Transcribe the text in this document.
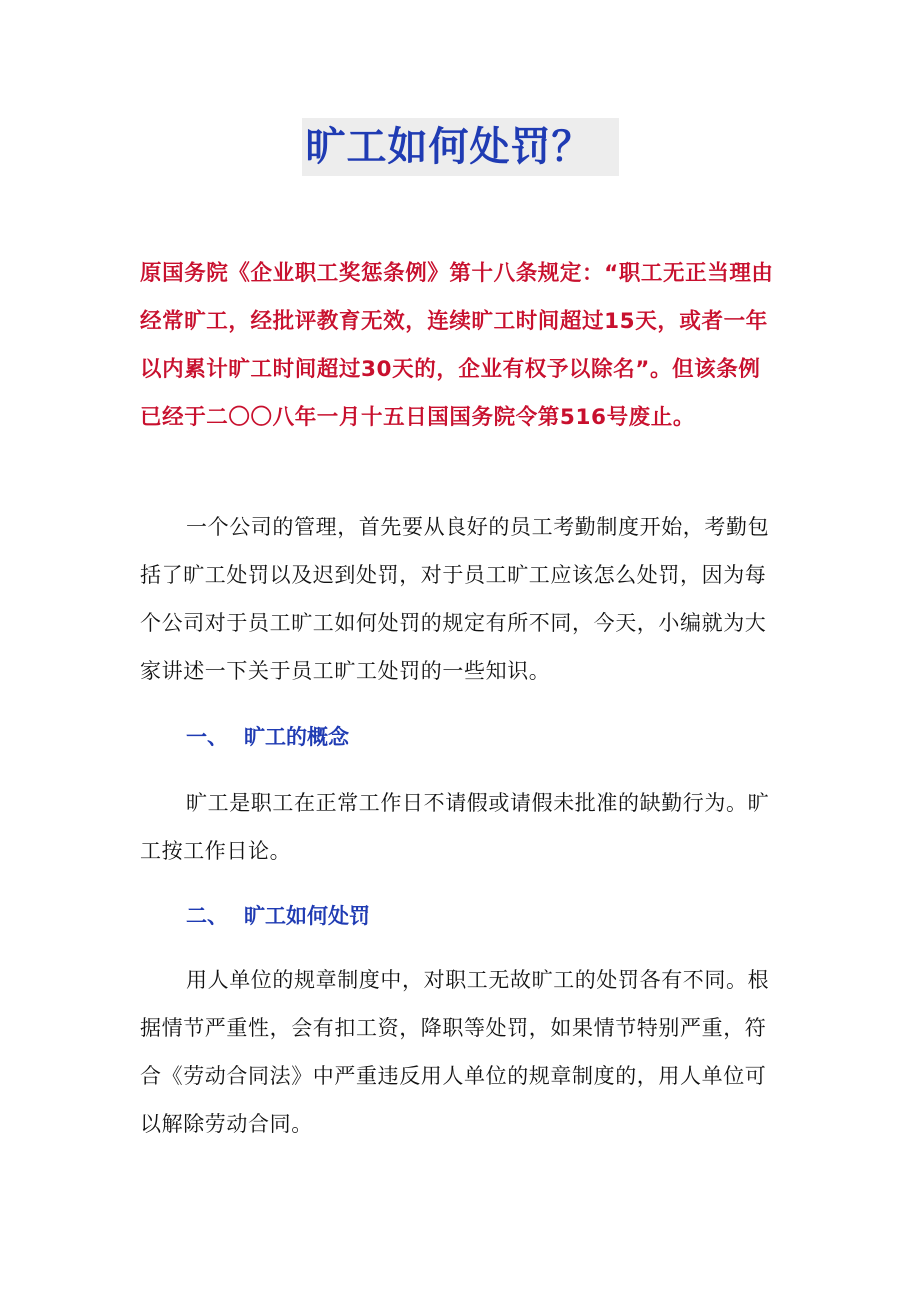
旷工如何处罚？

原国务院《企业职工奖惩条例》第十八条规定：“职工无正当理由经常旷工，经批评教育无效，连续旷工时间超过15天，或者一年以内累计旷工时间超过30天的，企业有权予以除名”。但该条例已经于二〇〇八年一月十五日国国务院令第516号废止。

一个公司的管理，首先要从良好的员工考勤制度开始，考勤包括了旷工处罚以及迟到处罚，对于员工旷工应该怎么处罚，因为每个公司对于员工旷工如何处罚的规定有所不同，今天，小编就为大家讲述一下关于员工旷工处罚的一些知识。

一、 旷工的概念

旷工是职工在正常工作日不请假或请假未批准的缺勤行为。旷工按工作日论。

二、 旷工如何处罚

用人单位的规章制度中，对职工无故旷工的处罚各有不同。根据情节严重性，会有扣工资，降职等处罚，如果情节特别严重，符合《劳动合同法》中严重违反用人单位的规章制度的，用人单位可以解除劳动合同。
